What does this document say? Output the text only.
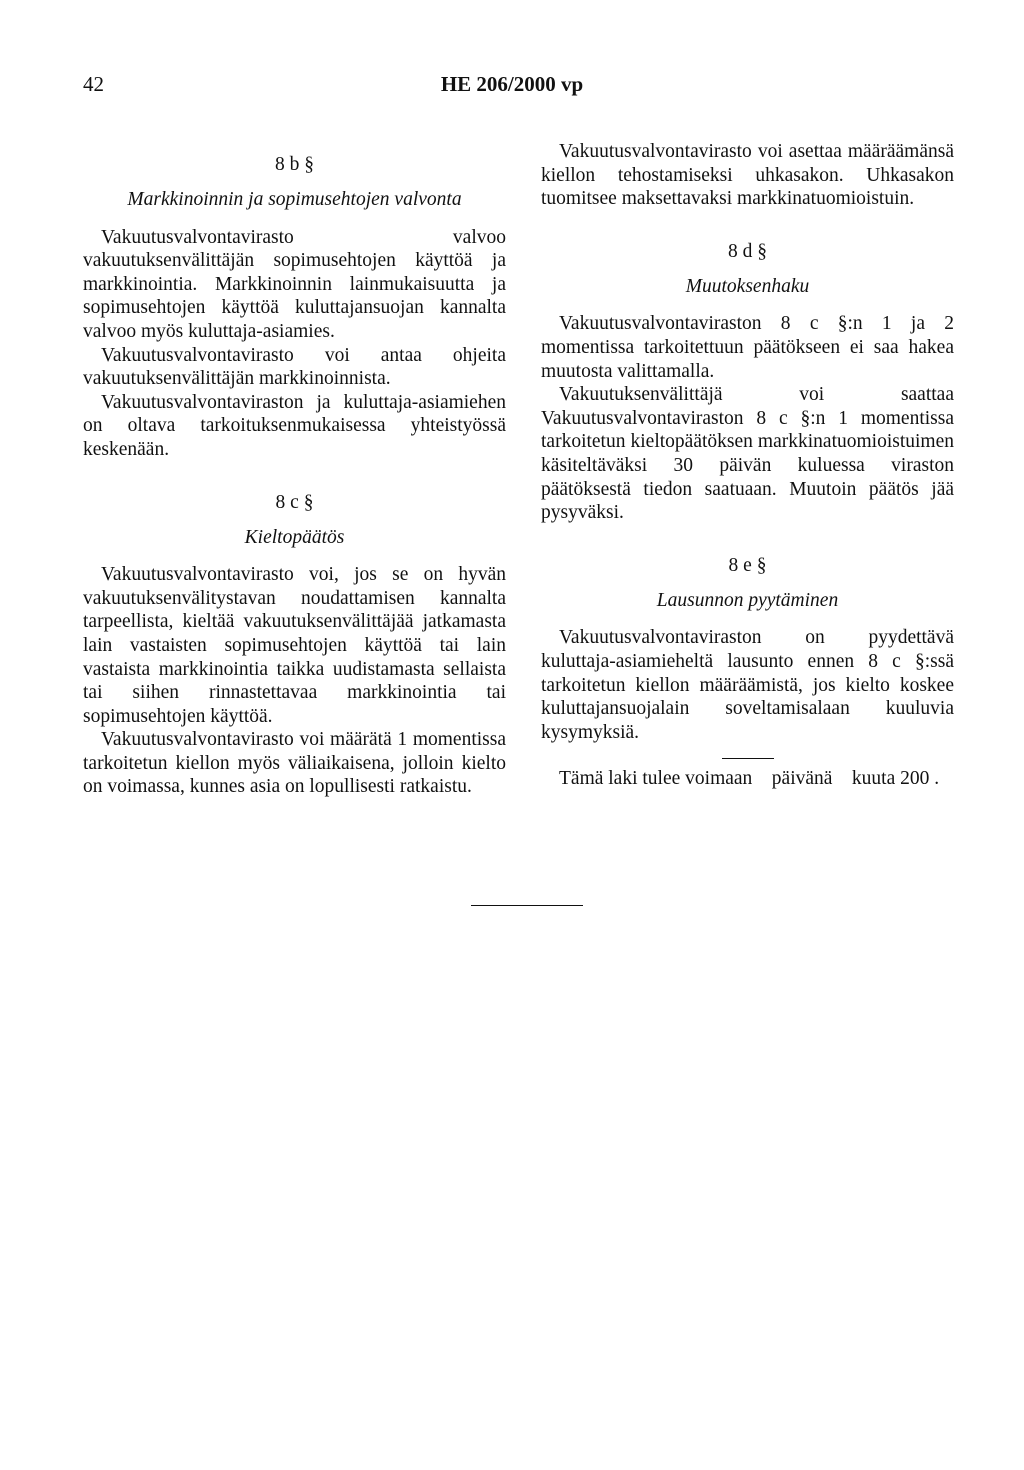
42	HE 206/2000 vp
8 b §
Markkinoinnin ja sopimusehtojen valvonta

Vakuutusvalvontavirasto valvoo vakuutuksenvälittäjän sopimusehtojen käyttöä ja markkinointia. Markkinoinnin lainmukaisuutta ja sopimusehtojen käyttöä kuluttajansuojan kannalta valvoo myös kuluttaja-asiamies.

Vakuutusvalvontavirasto voi antaa ohjeita vakuutuksenvälittäjän markkinoinnista.

Vakuutusvalvontaviraston ja kuluttaja-asiamiehen on oltava tarkoituksenmukaisessa yhteistyössä keskenään.

8 c §
Kieltopäätös

Vakuutusvalvontavirasto voi, jos se on hyvän vakuutuksenvälitystavan noudattamisen kannalta tarpeellista, kieltää vakuutuksenvälittäjää jatkamasta lain vastaisten sopimusehtojen käyttöä tai lain vastaista markkinointia taikka uudistamasta sellaista tai siihen rinnastettavaa markkinointia tai sopimusehtojen käyttöä.

Vakuutusvalvontavirasto voi määrätä 1 momentissa tarkoitetun kiellon myös väliaikaisena, jolloin kielto on voimassa, kunnes asia on lopullisesti ratkaistu.

Vakuutusvalvontavirasto voi asettaa määräämänsä kiellon tehostamiseksi uhkasakon. Uhkasakon tuomitsee maksettavaksi markkinatuomioistuin.

8 d §
Muutoksenhaku

Vakuutusvalvontaviraston 8 c §:n 1 ja 2 momentissa tarkoitettuun päätökseen ei saa hakea muutosta valittamalla.

Vakuutuksenvälittäjä voi saattaa Vakuutusvalvontaviraston 8 c §:n 1 momentissa tarkoitetun kieltopäätöksen markkinatuomioistuimen käsiteltäväksi 30 päivän kuluessa viraston päätöksestä tiedon saatuaan. Muutoin päätös jää pysyväksi.

8 e §
Lausunnon pyytäminen

Vakuutusvalvontaviraston on pyydettävä kuluttaja-asiamieheltä lausunto ennen 8 c §:ssä tarkoitetun kiellon määräämistä, jos kielto koskee kuluttajansuojalain soveltamisalaan kuuluvia kysymyksiä.

Tämä laki tulee voimaan    päivänä    kuuta 200 .
